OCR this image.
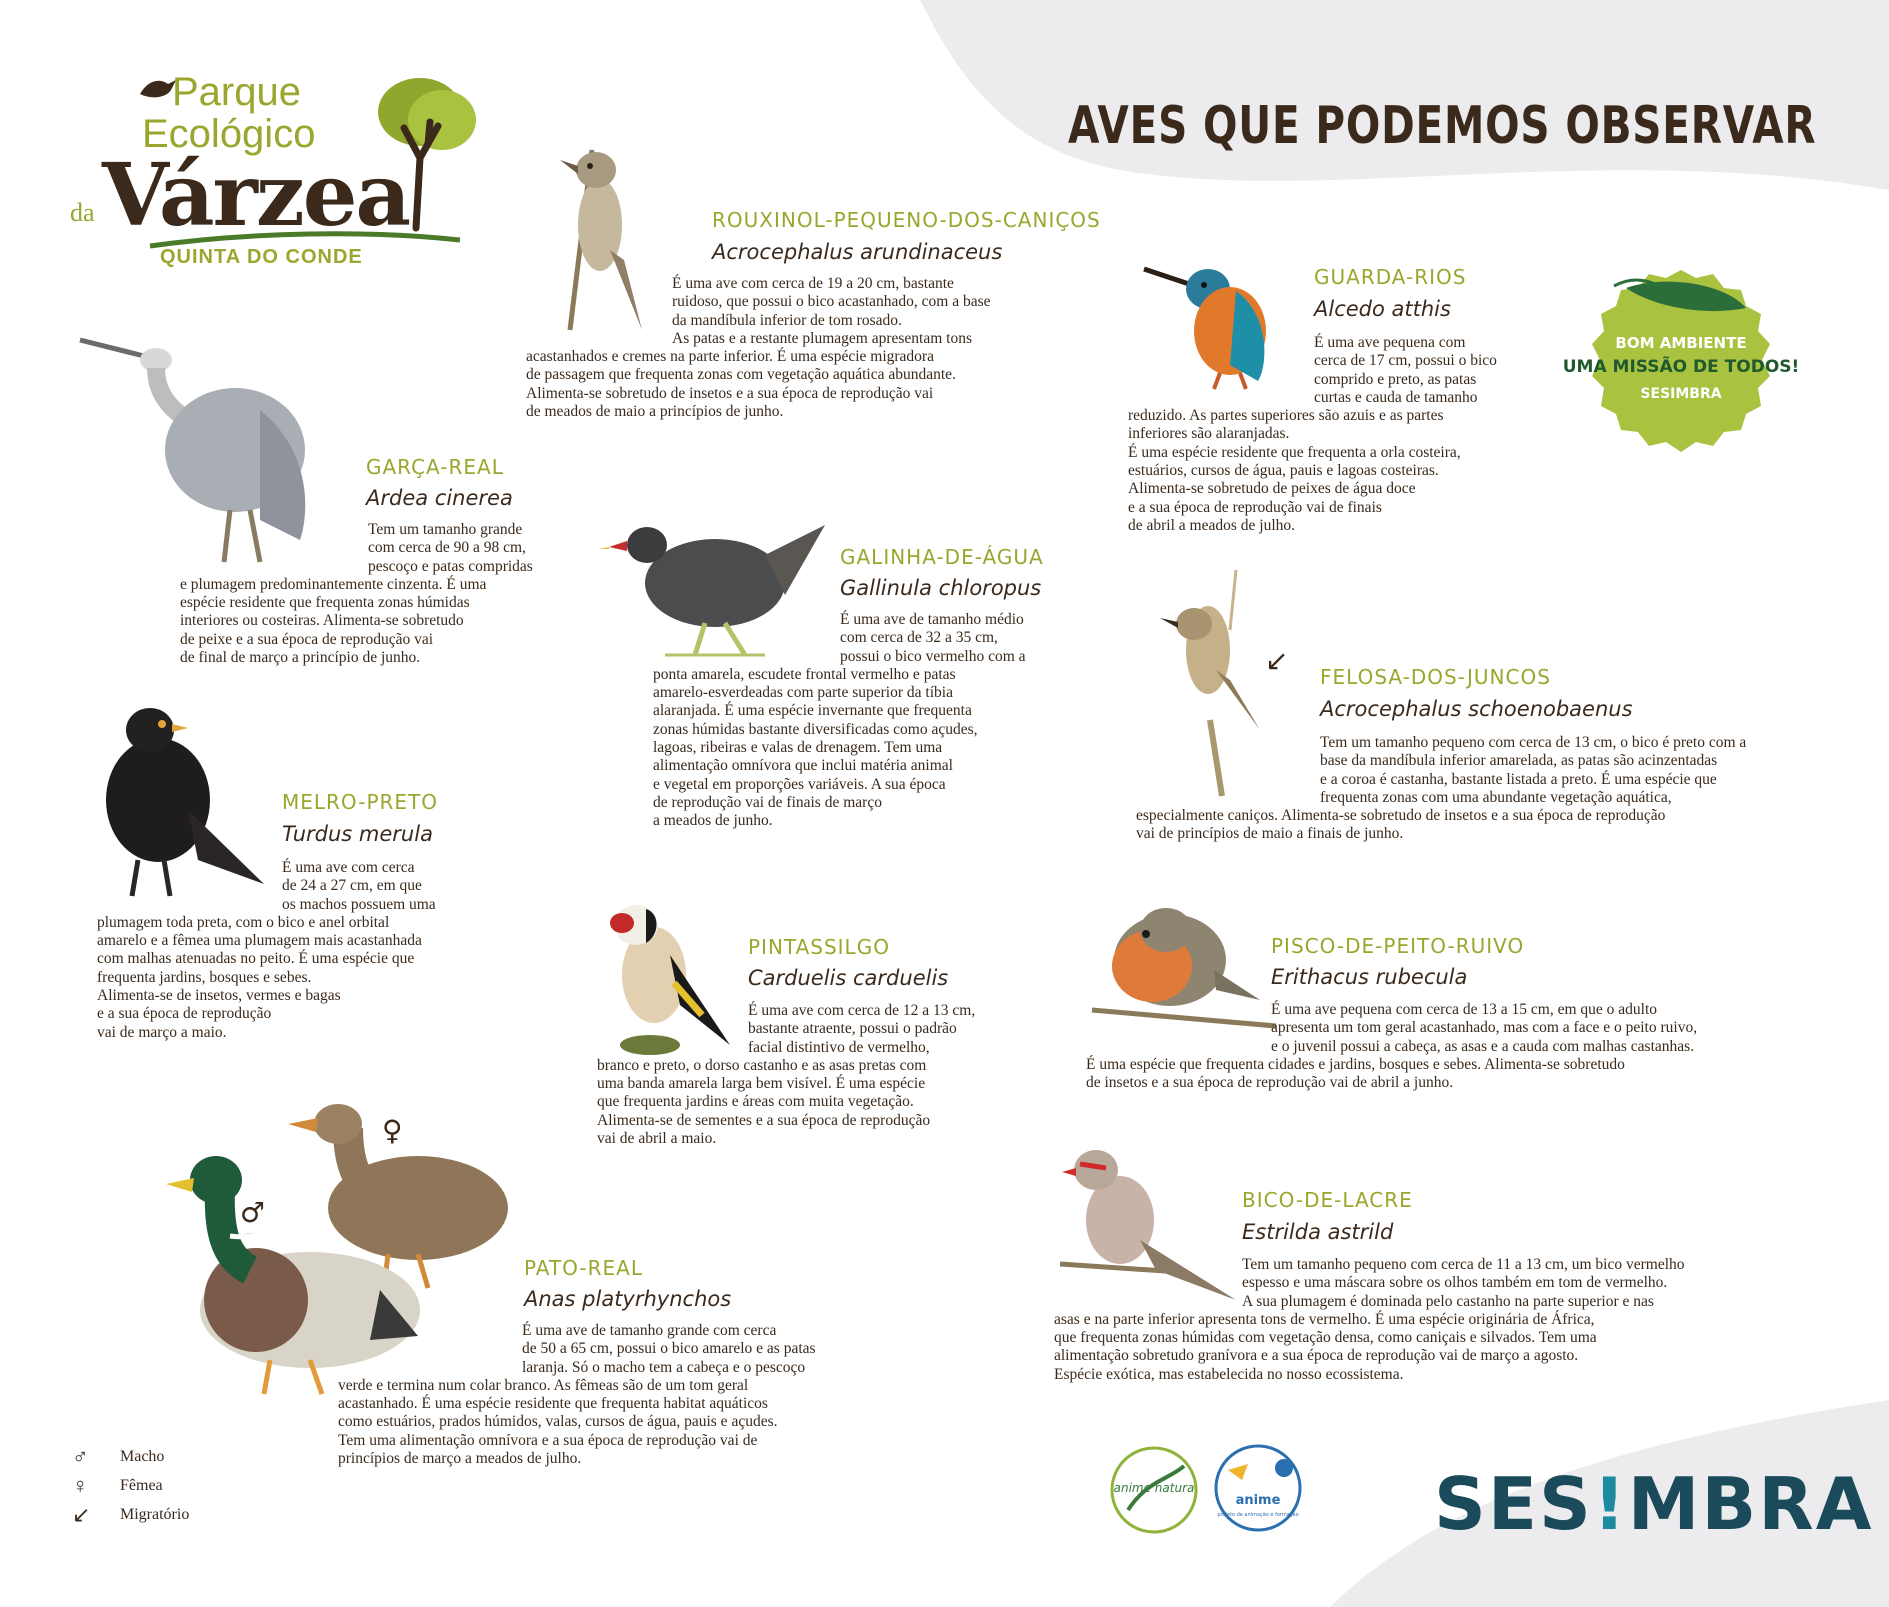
Parque
Ecológico
da Várzea
QUINTA DO CONDE
AVES QUE PODEMOS OBSERVAR
BOM AMBIENTE
UMA MISSÃO DE TODOS!
SESIMBRA
↙
♀
♂
ROUXINOL-PEQUENO-DOS-CANIÇOS
Acrocephalus arundinaceus
É uma ave com cerca de 19 a 20 cm, bastante
ruidoso, que possui o bico acastanhado, com a base
da mandíbula inferior de tom rosado.
As patas e a restante plumagem apresentam tons
acastanhados e cremes na parte inferior. É uma espécie migradora
de passagem que frequenta zonas com vegetação aquática abundante.
Alimenta-se sobretudo de insetos e a sua época de reprodução vai
de meados de maio a princípios de junho.
GARÇA-REAL
Ardea cinerea
Tem um tamanho grande
com cerca de 90 a 98 cm,
pescoço e patas compridas
e plumagem predominantemente cinzenta. É uma
espécie residente que frequenta zonas húmidas
interiores ou costeiras. Alimenta-se sobretudo
de peixe e a sua época de reprodução vai
de final de março a princípio de junho.
GALINHA-DE-ÁGUA
Gallinula chloropus
É uma ave de tamanho médio
com cerca de 32 a 35 cm,
possui o bico vermelho com a
ponta amarela, escudete frontal vermelho e patas
amarelo-esverdeadas com parte superior da tíbia
alaranjada. É uma espécie invernante que frequenta
zonas húmidas bastante diversificadas como açudes,
lagoas, ribeiras e valas de drenagem. Tem uma
alimentação omnívora que inclui matéria animal
e vegetal em proporções variáveis. A sua época
de reprodução vai de finais de março
a meados de junho.
GUARDA-RIOS
Alcedo atthis
É uma ave pequena com
cerca de 17 cm, possui o bico
comprido e preto, as patas
curtas e cauda de tamanho
reduzido. As partes superiores são azuis e as partes
inferiores são alaranjadas.
É uma espécie residente que frequenta a orla costeira,
estuários, cursos de água, pauis e lagoas costeiras.
Alimenta-se sobretudo de peixes de água doce
e a sua época de reprodução vai de finais
de abril a meados de julho.
FELOSA-DOS-JUNCOS
Acrocephalus schoenobaenus
Tem um tamanho pequeno com cerca de 13 cm, o bico é preto com a
base da mandíbula inferior amarelada, as patas são acinzentadas
e a coroa é castanha, bastante listada a preto. É uma espécie que
frequenta zonas com uma abundante vegetação aquática,
especialmente caniços. Alimenta-se sobretudo de insetos e a sua época de reprodução
vai de princípios de maio a finais de junho.
MELRO-PRETO
Turdus merula
É uma ave com cerca
de 24 a 27 cm, em que
os machos possuem uma
plumagem toda preta, com o bico e anel orbital
amarelo e a fêmea uma plumagem mais acastanhada
com malhas atenuadas no peito. É uma espécie que
frequenta jardins, bosques e sebes.
Alimenta-se de insetos, vermes e bagas
e a sua época de reprodução
vai de março a maio.
PINTASSILGO
Carduelis carduelis
É uma ave com cerca de 12 a 13 cm,
bastante atraente, possui o padrão
facial distintivo de vermelho,
branco e preto, o dorso castanho e as asas pretas com
uma banda amarela larga bem visível. É uma espécie
que frequenta jardins e áreas com muita vegetação.
Alimenta-se de sementes e a sua época de reprodução
vai de abril a maio.
PISCO-DE-PEITO-RUIVO
Erithacus rubecula
É uma ave pequena com cerca de 13 a 15 cm, em que o adulto
apresenta um tom geral acastanhado, mas com a face e o peito ruivo,
e o juvenil possui a cabeça, as asas e a cauda com malhas castanhas.
É uma espécie que frequenta cidades e jardins, bosques e sebes. Alimenta-se sobretudo
de insetos e a sua época de reprodução vai de abril a junho.
PATO-REAL
Anas platyrhynchos
É uma ave de tamanho grande com cerca
de 50 a 65 cm, possui o bico amarelo e as patas
laranja. Só o macho tem a cabeça e o pescoço
verde e termina num colar branco. As fêmeas são de um tom geral
acastanhado. É uma espécie residente que frequenta habitat aquáticos
como estuários, prados húmidos, valas, cursos de água, pauis e açudes.
Tem uma alimentação omnívora e a sua época de reprodução vai de
princípios de março a meados de julho.
BICO-DE-LACRE
Estrilda astrild
Tem um tamanho pequeno com cerca de 11 a 13 cm, um bico vermelho
espesso e uma máscara sobre os olhos também em tom de vermelho.
A sua plumagem é dominada pelo castanho na parte superior e nas
asas e na parte inferior apresenta tons de vermelho. É uma espécie originária de África,
que frequenta zonas húmidas com vegetação densa, como caniçais e silvados. Tem uma
alimentação sobretudo granívora e a sua época de reprodução vai de março a agosto.
Espécie exótica, mas estabelecida no nosso ecossistema.
♂	Macho
♀	Fêmea
↙	Migratório
anime natura
anime
projeto de animação e formação SES!MBRA
